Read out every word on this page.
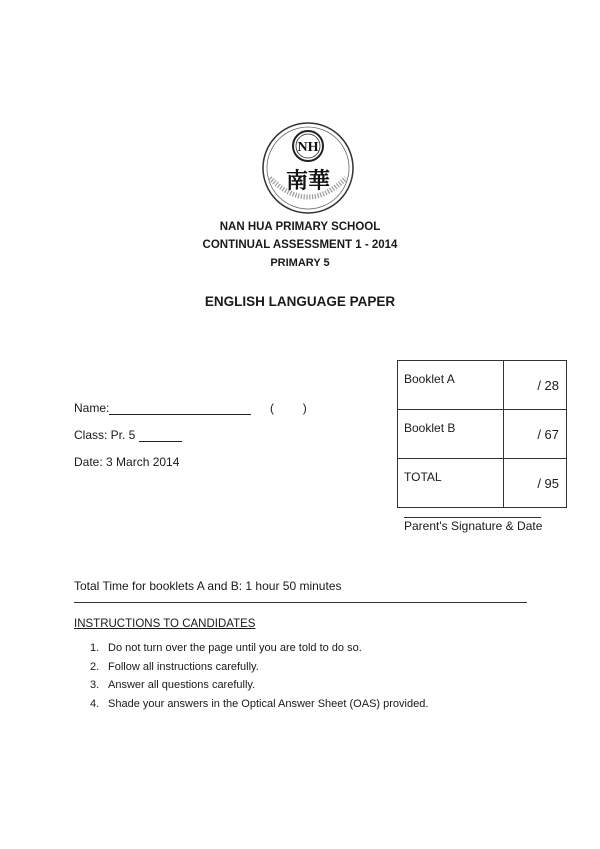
NH
南華
NAN HUA PRIMARY SCHOOL
CONTINUAL ASSESSMENT 1 - 2014
PRIMARY 5
ENGLISH LANGUAGE PAPER
Name:	( )
Class: Pr. 5
Date: 3 March 2014
Booklet A	/ 28
Booklet B	/ 67
TOTAL	/ 95
Parent's Signature & Date
Total Time for booklets A and B: 1 hour 50 minutes
INSTRUCTIONS TO CANDIDATES
1. Do not turn over the page until you are told to do so.
2. Follow all instructions carefully.
3. Answer all questions carefully.
4. Shade your answers in the Optical Answer Sheet (OAS) provided.
